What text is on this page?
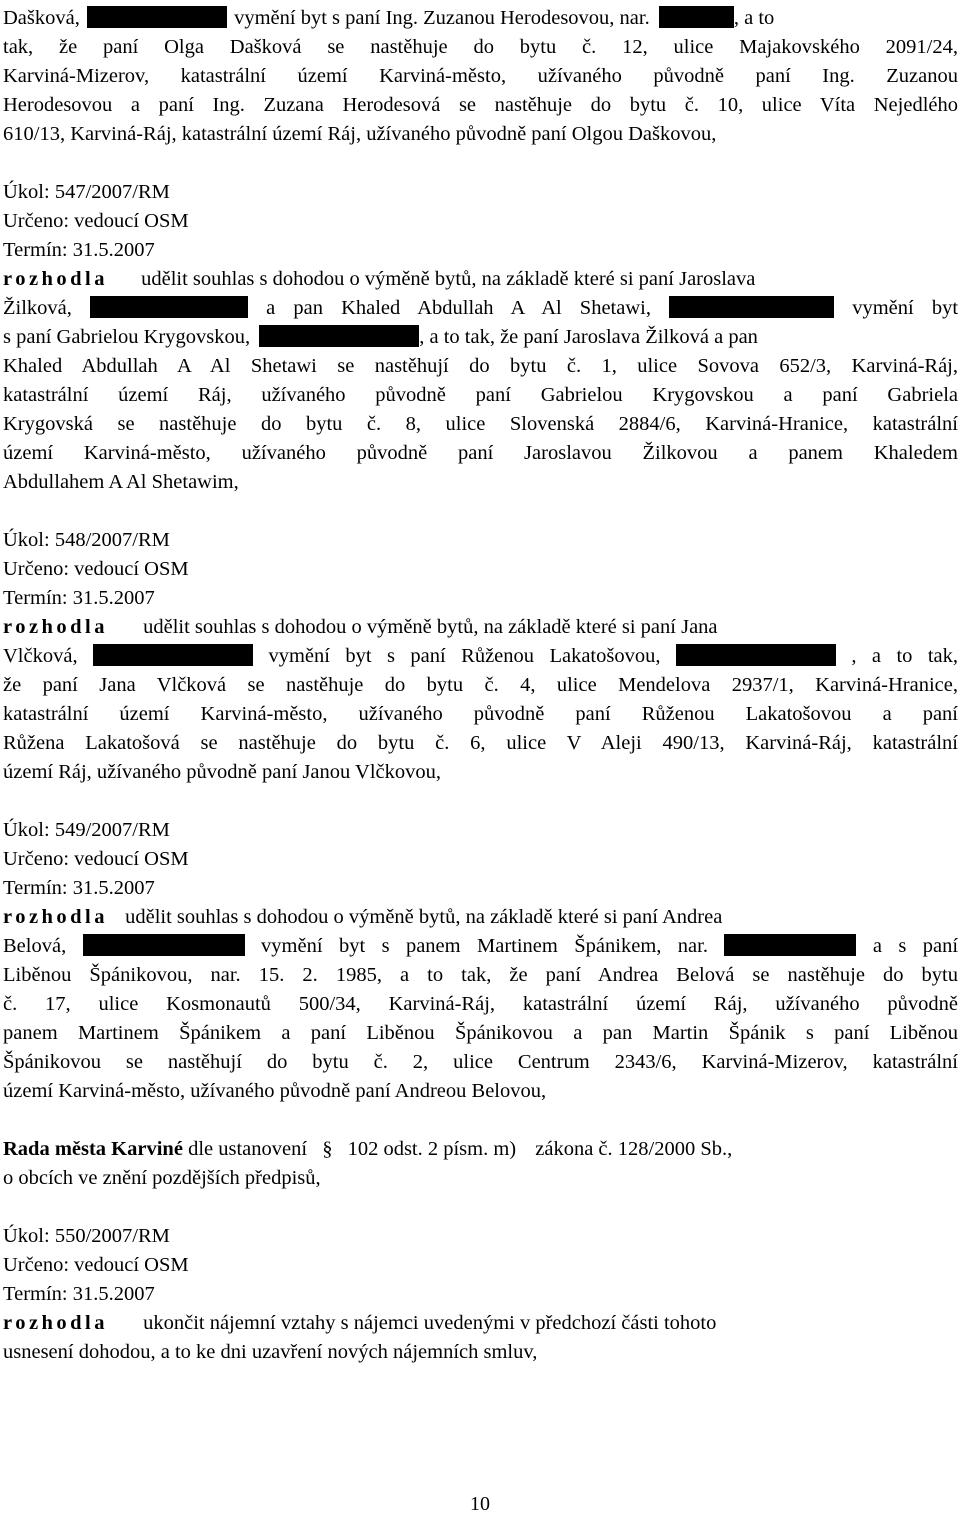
Dašková,	vymění byt s paní Ing. Zuzanou Herodesovou, nar.	, a to
tak, že paní Olga Dašková se nastěhuje do bytu č. 12, ulice Majakovského 2091/24,
Karviná-Mizerov, katastrální území Karviná-město, užívaného původně paní Ing. Zuzanou
Herodesovou a paní Ing. Zuzana Herodesová se nastěhuje do bytu č. 10, ulice Víta Nejedlého
610/13, Karviná-Ráj, katastrální území Ráj, užívaného původně paní Olgou Daškovou,
Úkol: 547/2007/RM
Určeno: vedoucí OSM
Termín: 31.5.2007
rozhodla udělit souhlas s dohodou o výměně bytů, na základě které si paní Jaroslava
Žilková,	a pan Khaled Abdullah A Al Shetawi,	vymění byt
s paní Gabrielou Krygovskou,	, a to tak, že paní Jaroslava Žilková a pan
Khaled Abdullah A Al Shetawi se nastěhují do bytu č. 1, ulice Sovova 652/3, Karviná-Ráj,
katastrální území Ráj, užívaného původně paní Gabrielou Krygovskou a paní Gabriela
Krygovská se nastěhuje do bytu č. 8, ulice Slovenská 2884/6, Karviná-Hranice, katastrální
území Karviná-město, užívaného původně paní Jaroslavou Žilkovou a panem Khaledem
Abdullahem A Al Shetawim,
Úkol: 548/2007/RM
Určeno: vedoucí OSM
Termín: 31.5.2007
rozhodla udělit souhlas s dohodou o výměně bytů, na základě které si paní Jana
Vlčková,	vymění byt s paní Růženou Lakatošovou,	, a to tak,
že paní Jana Vlčková se nastěhuje do bytu č. 4, ulice Mendelova 2937/1, Karviná-Hranice,
katastrální území Karviná-město, užívaného původně paní Růženou Lakatošovou a paní
Růžena Lakatošová se nastěhuje do bytu č. 6, ulice V Aleji 490/13, Karviná-Ráj, katastrální
území Ráj, užívaného původně paní Janou Vlčkovou,
Úkol: 549/2007/RM
Určeno: vedoucí OSM
Termín: 31.5.2007
rozhodla udělit souhlas s dohodou o výměně bytů, na základě které si paní Andrea
Belová,	vymění byt s panem Martinem Špánikem, nar.	a s paní
Liběnou Špánikovou, nar. 15. 2. 1985, a to tak, že paní Andrea Belová se nastěhuje do bytu
č. 17, ulice Kosmonautů 500/34, Karviná-Ráj, katastrální území Ráj, užívaného původně
panem Martinem Špánikem a paní Liběnou Špánikovou a pan Martin Špánik s paní Liběnou
Špánikovou se nastěhují do bytu č. 2, ulice Centrum 2343/6, Karviná-Mizerov, katastrální
území Karviná-město, užívaného původně paní Andreou Belovou,
Rada města Karviné dle ustanovení § 102 odst. 2 písm. m) zákona č. 128/2000 Sb.,
o obcích ve znění pozdějších předpisů,
Úkol: 550/2007/RM
Určeno: vedoucí OSM
Termín: 31.5.2007
rozhodla ukončit nájemní vztahy s nájemci uvedenými v předchozí části tohoto
usnesení dohodou, a to ke dni uzavření nových nájemních smluv,
10
